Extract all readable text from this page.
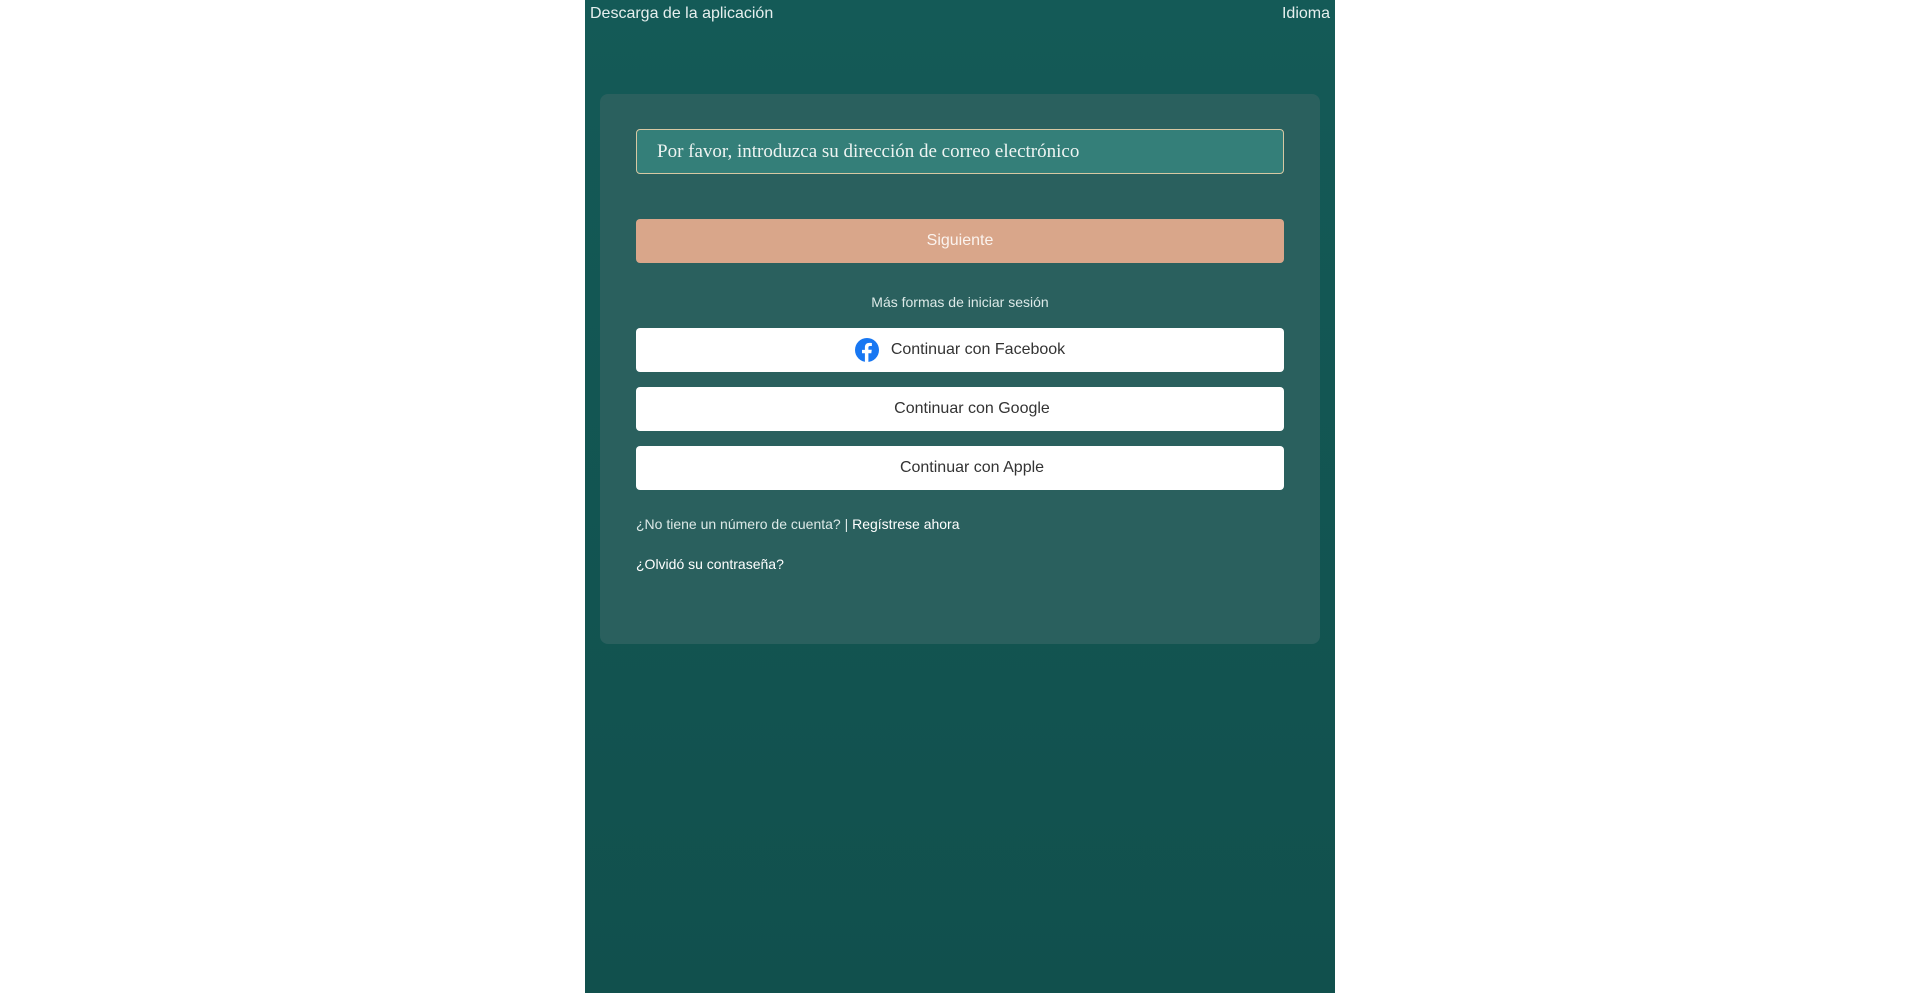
Descarga de la aplicación	Idioma
Por favor, introduzca su dirección de correo electrónico
Siguiente
Más formas de iniciar sesión
Continuar con Facebook
Continuar con Google
Continuar con Apple
¿No tiene un número de cuenta? | Regístrese ahora
¿Olvidó su contraseña?
